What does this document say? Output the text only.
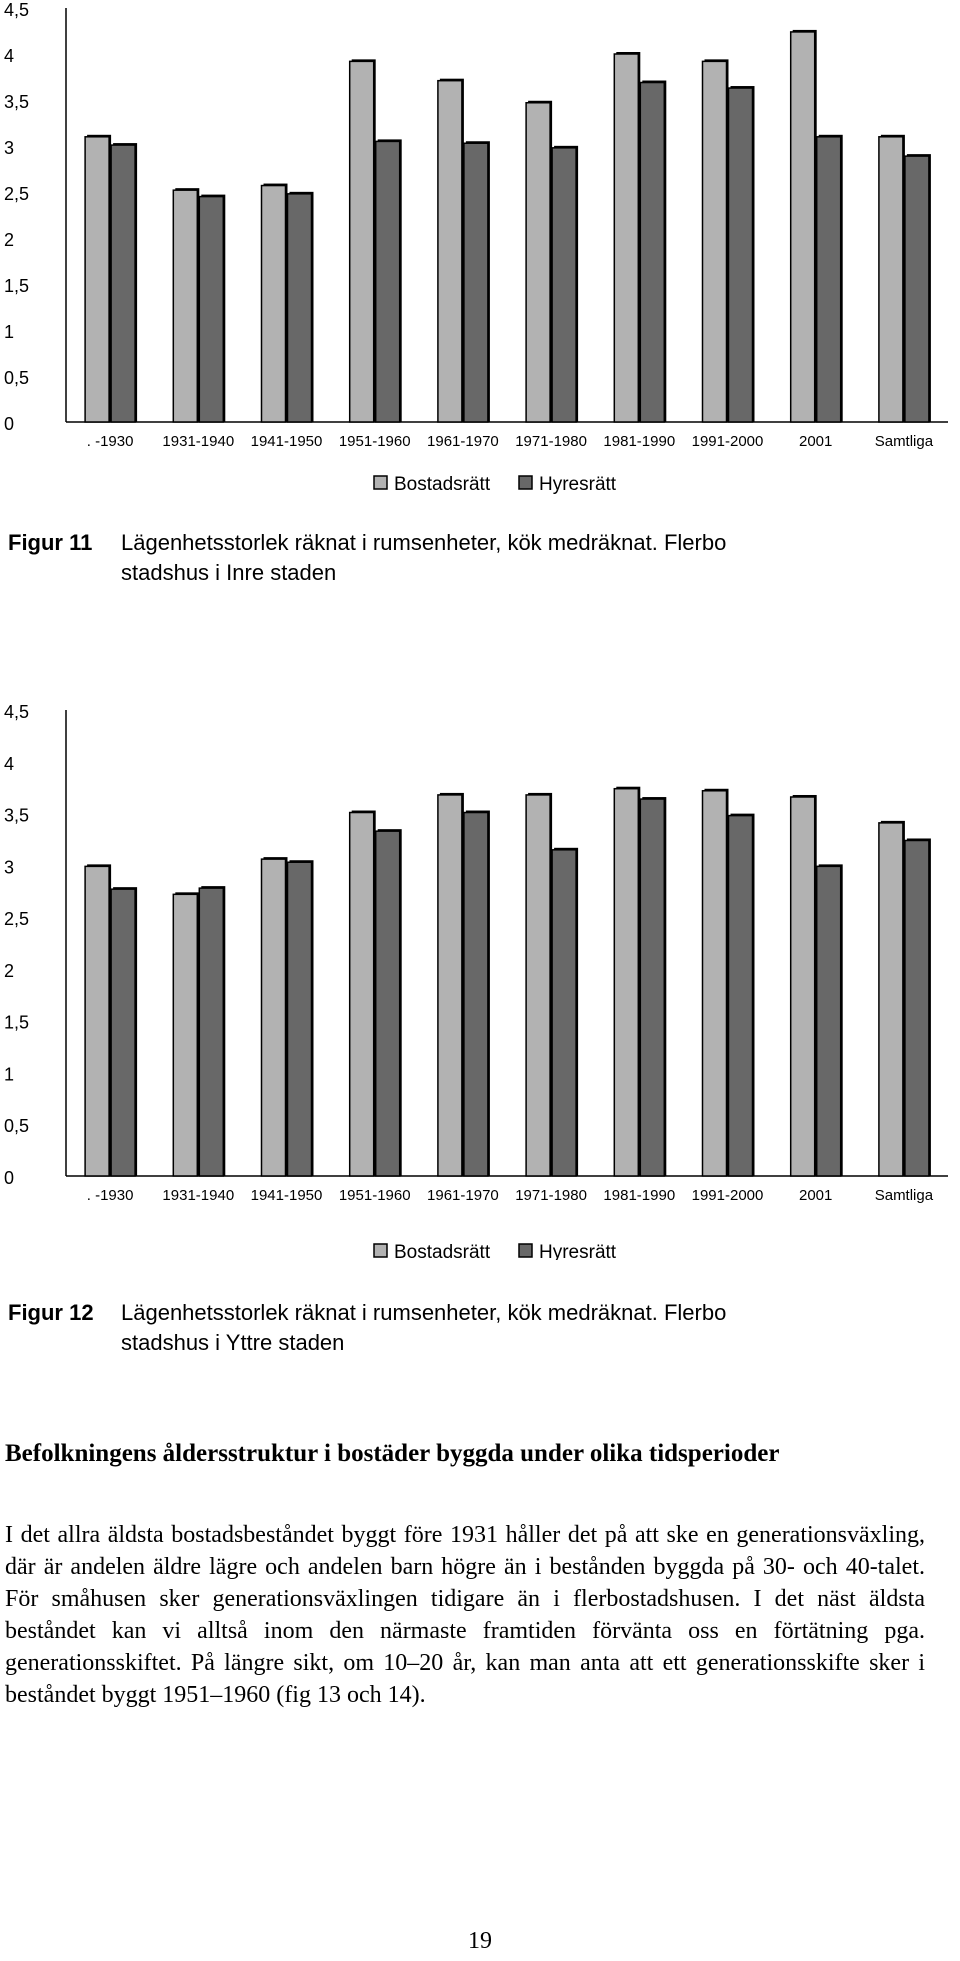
0
0,5
1
1,5
2
2,5
3
3,5
4
4,5
. -1930 1931-1940 1941-1950 1951-1960 1961-1970 1971-1980 1981-1990 1991-2000 2001	Samtliga
Bostadsrätt	Hyresrätt
Figur 11 Lägenhetsstorlek räknat i rumsenheter, kök medräknat. Flerbo
stadshus i Inre staden
0
0,5
1
1,5
2
2,5
3
3,5
4
4,5
. -1930 1931-1940 1941-1950 1951-1960 1961-1970 1971-1980 1981-1990 1991-2000 2001	Samtliga
Bostadsrätt	Hyresrätt
Figur 12 Lägenhetsstorlek räknat i rumsenheter, kök medräknat. Flerbo
stadshus i Yttre staden
Befolkningens åldersstruktur i bostäder byggda under olika tidsperioder
I det allra äldsta bostadsbeståndet byggt före 1931 håller det på att ske en generationsväxling, där är andelen äldre lägre och andelen barn högre än i bestånden byggda på 30- och 40-talet. För småhusen sker generationsväxlingen tidigare än i flerbostadshusen. I det näst äldsta beståndet kan vi alltså inom den närmaste framtiden förvänta oss en förtätning pga. generationsskiftet. På längre sikt, om 10–20 år, kan man anta att ett generationsskifte sker i beståndet byggt 1951–1960 (fig 13 och 14).
19
